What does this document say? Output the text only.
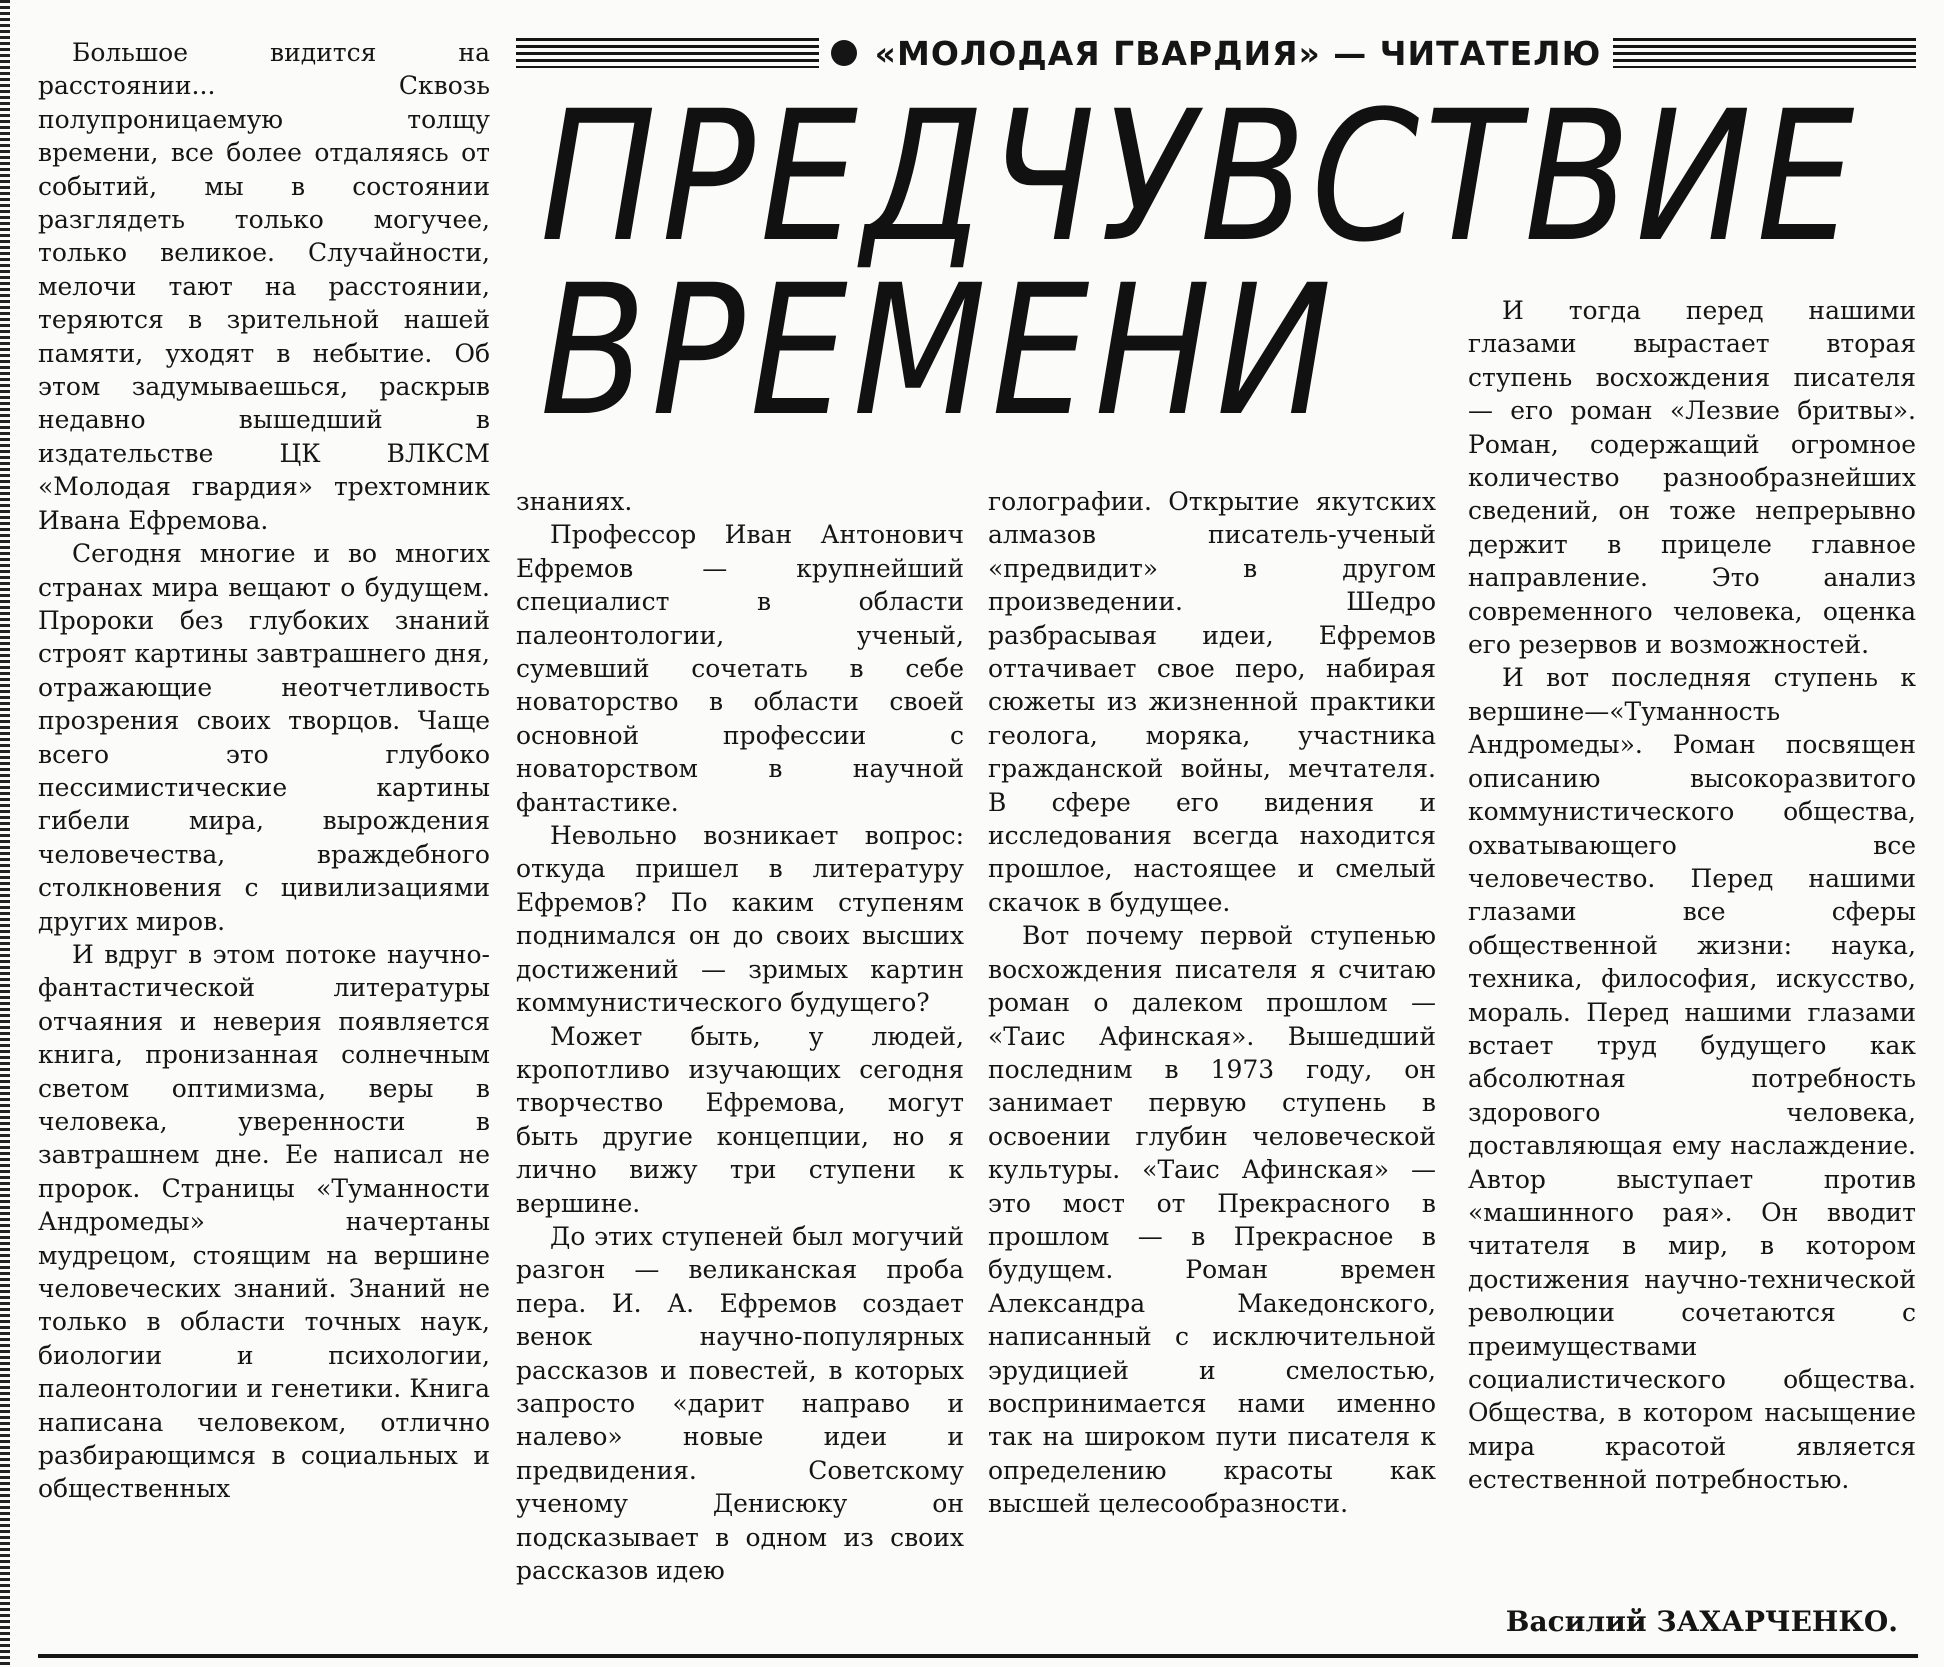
«МОЛОДАЯ ГВАРДИЯ» — ЧИТАТЕЛЮ
ПРЕДЧУВСТВИЕ
ВРЕМЕНИ

Большое видится на расстоянии... Сквозь полупроницаемую толщу времени, все более отдаляясь от событий, мы в состоянии разглядеть только могучее, только великое. Случайности, мелочи тают на расстоянии, теряются в зрительной нашей памяти, уходят в небытие. Об этом задумываешься, раскрыв недавно вышедший в издательстве ЦК ВЛКСМ «Молодая гвардия» трехтомник Ивана Ефремова.

Сегодня многие и во многих странах мира вещают о будущем. Пророки без глубоких знаний строят картины завтрашнего дня, отражающие неотчетливость прозрения своих творцов. Чаще всего это глубоко пессимистические картины гибели мира, вырождения человечества, враждебного столкновения с цивилизациями других миров.

И вдруг в этом потоке научно-фантастической литературы отчаяния и неверия появляется книга, пронизанная солнечным светом оптимизма, веры в человека, уверенности в завтрашнем дне. Ее написал не пророк. Страницы «Туманности Андромеды» начертаны мудрецом, стоящим на вершине человеческих знаний. Знаний не только в области точных наук, биологии и психологии, палеонтологии и генетики. Книга написана человеком, отлично разбирающимся в социальных и общественных

знаниях.

Профессор Иван Антонович Ефремов — крупнейший специалист в области палеонтологии, ученый, сумевший сочетать в себе новаторство в области своей основной профессии с новаторством в научной фантастике.

Невольно возникает вопрос: откуда пришел в литературу Ефремов? По каким ступеням поднимался он до своих высших достижений — зримых картин коммунистического будущего?

Может быть, у людей, кропотливо изучающих сегодня творчество Ефремова, могут быть другие концепции, но я лично вижу три ступени к вершине.

До этих ступеней был могучий разгон — великанская проба пера. И. А. Ефремов создает венок научно-популярных рассказов и повестей, в которых запросто «дарит направо и налево» новые идеи и предвидения. Советскому ученому Денисюку он подсказывает в одном из своих рассказов идею

голографии. Открытие якутских алмазов писатель-ученый «предвидит» в другом произведении. Шедро разбрасывая идеи, Ефремов оттачивает свое перо, набирая сюжеты из жизненной практики геолога, моряка, участника гражданской войны, мечтателя. В сфере его видения и исследования всегда находится прошлое, настоящее и смелый скачок в будущее.

Вот почему первой ступенью восхождения писателя я считаю роман о далеком прошлом — «Таис Афинская». Вышедший последним в 1973 году, он занимает первую ступень в освоении глубин человеческой культуры. «Таис Афинская» — это мост от Прекрасного в прошлом — в Прекрасное в будущем. Роман времен Александра Македонского, написанный с исключительной эрудицией и смелостью, воспринимается нами именно так на широком пути писателя к определению красоты как высшей целесообразности.

И тогда перед нашими глазами вырастает вторая ступень восхождения писателя — его роман «Лезвие бритвы». Роман, содержащий огромное количество разнообразнейших сведений, он тоже непрерывно держит в прицеле главное направление. Это анализ современного человека, оценка его резервов и возможностей.

И вот последняя ступень к вершине—«Туманность Андромеды». Роман посвящен описанию высокоразвитого коммунистического общества, охватывающего все человечество. Перед нашими глазами все сферы общественной жизни: наука, техника, философия, искусство, мораль. Перед нашими глазами встает труд будущего как абсолютная потребность здорового человека, доставляющая ему наслаждение. Автор выступает против «машинного рая». Он вводит читателя в мир, в котором достижения научно-технической революции сочетаются с преимуществами социалистического общества. Общества, в котором насыщение мира красотой является естественной потребностью.

Василий ЗАХАРЧЕНКО.
